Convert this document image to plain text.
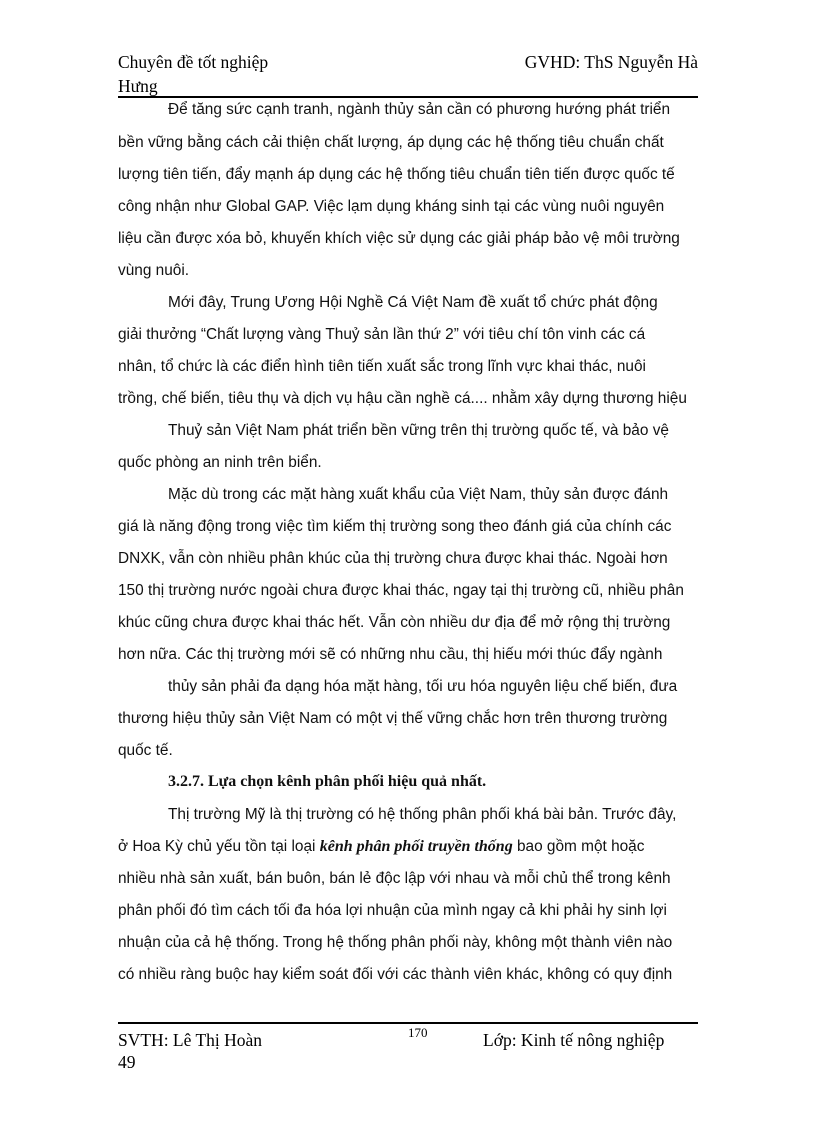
Chuyên đề tốt nghiệp	GVHD: ThS Nguyễn Hà
Hưng
Để tăng sức cạnh tranh, ngành thủy sản cần có phương hướng phát triển
bền vững bằng cách cải thiện chất lượng, áp dụng các hệ thống tiêu chuẩn chất
lượng tiên tiến, đẩy mạnh áp dụng các hệ thống tiêu chuẩn tiên tiến được quốc tế
công nhận như Global GAP. Việc lạm dụng kháng sinh tại các vùng nuôi nguyên
liệu cần được xóa bỏ, khuyến khích việc sử dụng các giải pháp bảo vệ môi trường
vùng nuôi.
Mới đây, Trung Ương Hội Nghề Cá Việt Nam đề xuất tổ chức phát động
giải thưởng “Chất lượng vàng Thuỷ sản lần thứ 2” với tiêu chí tôn vinh các cá
nhân, tổ chức là các điển hình tiên tiến xuất sắc trong lĩnh vực khai thác, nuôi
trồng, chế biến, tiêu thụ và dịch vụ hậu cần nghề cá.... nhằm xây dựng thương hiệu
Thuỷ sản Việt Nam phát triển bền vững trên thị trường quốc tế, và bảo vệ
quốc phòng an ninh trên biển.
Mặc dù trong các mặt hàng xuất khẩu của Việt Nam, thủy sản được đánh
giá là năng động trong việc tìm kiếm thị trường song theo đánh giá của chính các
DNXK, vẫn còn nhiều phân khúc của thị trường chưa được khai thác. Ngoài hơn
150 thị trường nước ngoài chưa được khai thác, ngay tại thị trường cũ, nhiều phân
khúc cũng chưa được khai thác hết. Vẫn còn nhiều dư địa để mở rộng thị trường
hơn nữa. Các thị trường mới sẽ có những nhu cầu, thị hiếu mới thúc đẩy ngành
thủy sản phải đa dạng hóa mặt hàng, tối ưu hóa nguyên liệu chế biến, đưa
thương hiệu thủy sản Việt Nam có một vị thế vững chắc hơn trên thương trường
quốc tế.
3.2.7. Lựa chọn kênh phân phối hiệu quả nhất.
Thị trường Mỹ là thị trường có hệ thống phân phối khá bài bản. Trước đây,
ở Hoa Kỳ chủ yếu tồn tại loại kênh phân phối truyền thống bao gồm một hoặc
nhiều nhà sản xuất, bán buôn, bán lẻ độc lập với nhau và mỗi chủ thể trong kênh
phân phối đó tìm cách tối đa hóa lợi nhuận của mình ngay cả khi phải hy sinh lợi
nhuận của cả hệ thống. Trong hệ thống phân phối này, không một thành viên nào
có nhiều ràng buộc hay kiểm soát đối với các thành viên khác, không có quy định
SVTH: Lê Thị Hoàn	170	Lớp: Kinh tế nông nghiệp
49
